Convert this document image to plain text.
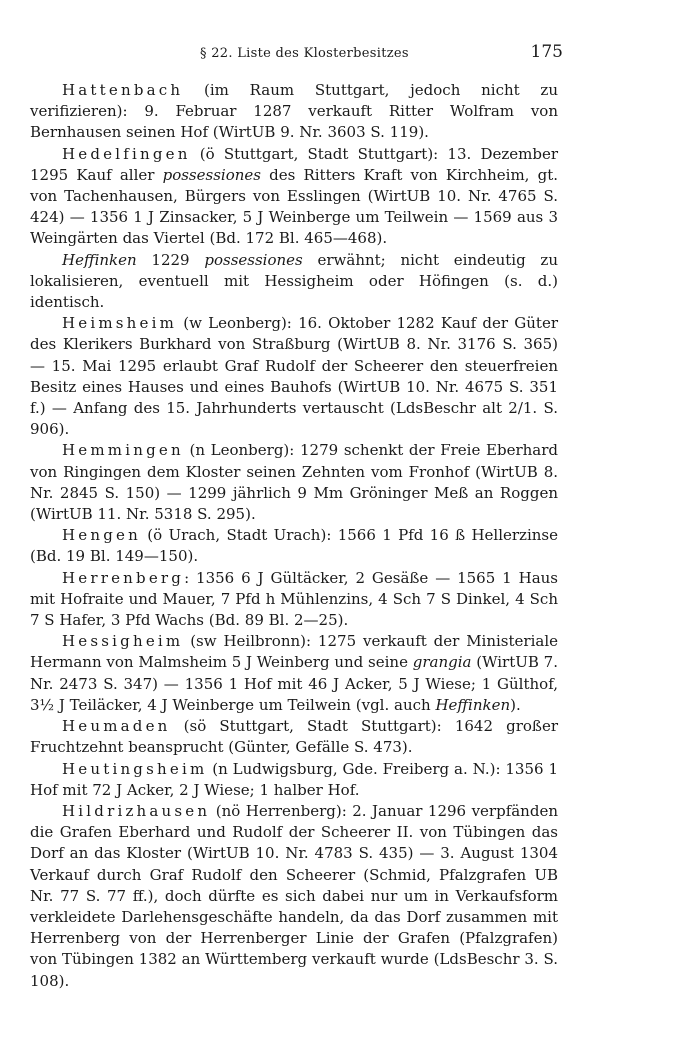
§ 22. Liste des Klosterbesitzes	175

Hattenbach (im Raum Stuttgart, jedoch nicht zu verifizieren): 9. Februar 1287 verkauft Ritter Wolfram von Bernhausen seinen Hof (WirtUB 9. Nr. 3603 S. 119).

Hedelfingen (ö Stuttgart, Stadt Stuttgart): 13. Dezember 1295 Kauf aller possessiones des Ritters Kraft von Kirchheim, gt. von Tachenhausen, Bürgers von Esslingen (WirtUB 10. Nr. 4765 S. 424) — 1356 1 J Zinsacker, 5 J Weinberge um Teilwein — 1569 aus 3 Weingärten das Viertel (Bd. 172 Bl. 465—468).

Heffinken 1229 possessiones erwähnt; nicht eindeutig zu lokalisieren, eventuell mit Hessigheim oder Höfingen (s. d.) identisch.

Heimsheim (w Leonberg): 16. Oktober 1282 Kauf der Güter des Klerikers Burkhard von Straßburg (WirtUB 8. Nr. 3176 S. 365) — 15. Mai 1295 erlaubt Graf Rudolf der Scheerer den steuerfreien Besitz eines Hauses und eines Bauhofs (WirtUB 10. Nr. 4675 S. 351 f.) — Anfang des 15. Jahrhunderts vertauscht (LdsBeschr alt 2/1. S. 906).

Hemmingen (n Leonberg): 1279 schenkt der Freie Eberhard von Ringingen dem Kloster seinen Zehnten vom Fronhof (WirtUB 8. Nr. 2845 S. 150) — 1299 jährlich 9 Mm Gröninger Meß an Roggen (WirtUB 11. Nr. 5318 S. 295).

Hengen (ö Urach, Stadt Urach): 1566 1 Pfd 16 ß Hellerzinse (Bd. 19 Bl. 149—150).

Herrenberg: 1356 6 J Gültäcker, 2 Gesäße — 1565 1 Haus mit Hofraite und Mauer, 7 Pfd h Mühlenzins, 4 Sch 7 S Dinkel, 4 Sch 7 S Hafer, 3 Pfd Wachs (Bd. 89 Bl. 2—25).

Hessigheim (sw Heilbronn): 1275 verkauft der Ministeriale Hermann von Malmsheim 5 J Weinberg und seine grangia (WirtUB 7. Nr. 2473 S. 347) — 1356 1 Hof mit 46 J Acker, 5 J Wiese; 1 Gülthof, 3½ J Teiläcker, 4 J Weinberge um Teilwein (vgl. auch Heffinken).

Heumaden (sö Stuttgart, Stadt Stuttgart): 1642 großer Fruchtzehnt beansprucht (Günter, Gefälle S. 473).

Heutingsheim (n Ludwigsburg, Gde. Freiberg a. N.): 1356 1 Hof mit 72 J Acker, 2 J Wiese; 1 halber Hof.

Hildrizhausen (nö Herrenberg): 2. Januar 1296 verpfänden die Grafen Eberhard und Rudolf der Scheerer II. von Tübingen das Dorf an das Kloster (WirtUB 10. Nr. 4783 S. 435) — 3. August 1304 Verkauf durch Graf Rudolf den Scheerer (Schmid, Pfalzgrafen UB Nr. 77 S. 77 ff.), doch dürfte es sich dabei nur um in Verkaufsform verkleidete Darlehensgeschäfte handeln, da das Dorf zusammen mit Herrenberg von der Herrenberger Linie der Grafen (Pfalzgrafen) von Tübingen 1382 an Württemberg verkauft wurde (LdsBeschr 3. S. 108).
